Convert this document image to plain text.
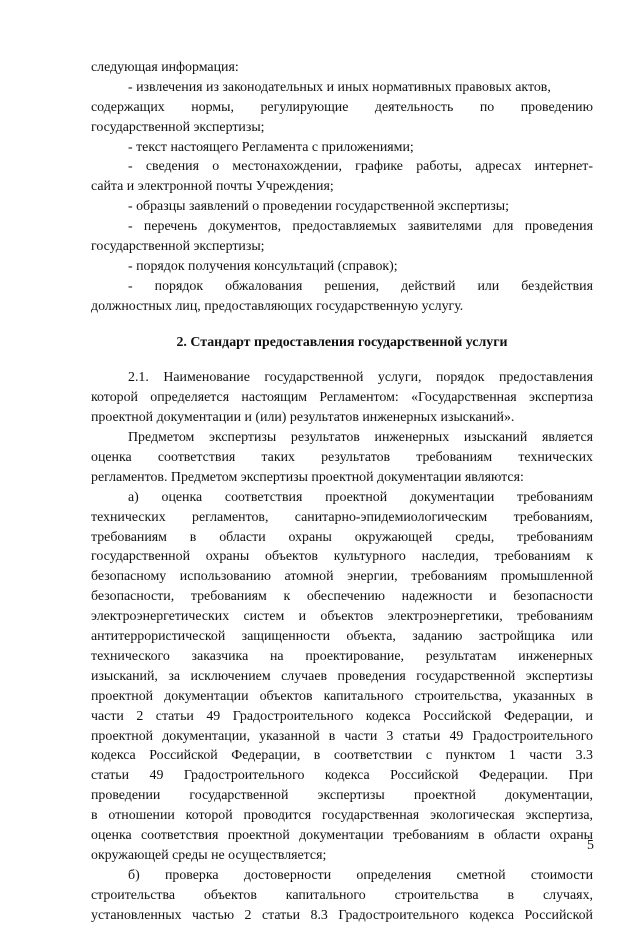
следующая информация:
- извлечения из законодательных и иных нормативных правовых актов,
содержащих нормы, регулирующие деятельность по проведению
государственной экспертизы;
- текст настоящего Регламента с приложениями;
- сведения о местонахождении, графике работы, адресах интернет-
сайта и электронной почты Учреждения;
- образцы заявлений о проведении государственной экспертизы;
- перечень документов, предоставляемых заявителями для проведения
государственной экспертизы;
- порядок получения консультаций (справок);
- порядок обжалования решения, действий или бездействия
должностных лиц, предоставляющих государственную услугу.
2. Стандарт предоставления государственной услуги
2.1. Наименование государственной услуги, порядок предоставления
которой определяется настоящим Регламентом: «Государственная экспертиза
проектной документации и (или) результатов инженерных изысканий».
Предметом экспертизы результатов инженерных изысканий является
оценка соответствия таких результатов требованиям технических
регламентов. Предметом экспертизы проектной документации являются:
а) оценка соответствия проектной документации требованиям
технических регламентов, санитарно-эпидемиологическим требованиям,
требованиям в области охраны окружающей среды, требованиям
государственной охраны объектов культурного наследия, требованиям к
безопасному использованию атомной энергии, требованиям промышленной
безопасности, требованиям к обеспечению надежности и безопасности
электроэнергетических систем и объектов электроэнергетики, требованиям
антитеррористической защищенности объекта, заданию застройщика или
технического заказчика на проектирование, результатам инженерных
изысканий, за исключением случаев проведения государственной экспертизы
проектной документации объектов капитального строительства, указанных в
части 2 статьи 49 Градостроительного кодекса Российской Федерации, и
проектной документации, указанной в части 3 статьи 49 Градостроительного
кодекса Российской Федерации, в соответствии с пунктом 1 части 3.3
статьи 49 Градостроительного кодекса Российской Федерации. При
проведении государственной экспертизы проектной документации,
в отношении которой проводится государственная экологическая экспертиза,
оценка соответствия проектной документации требованиям в области охраны
окружающей среды не осуществляется;
б) проверка достоверности определения сметной стоимости
строительства объектов капитального строительства в случаях,
установленных частью 2 статьи 8.3 Градостроительного кодекса Российской
5
